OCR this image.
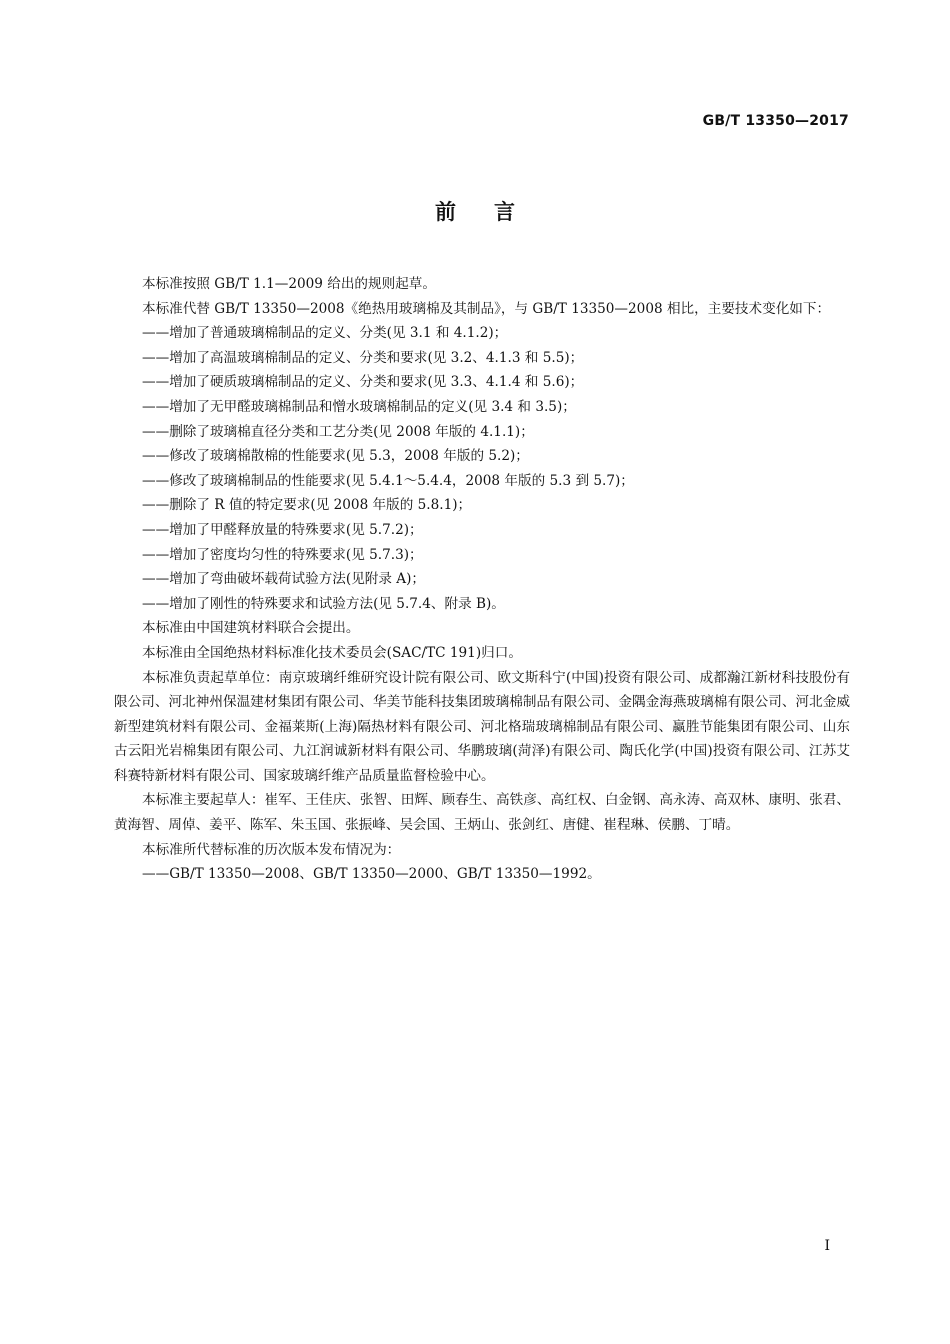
GB/T 13350—2017
前言

本标准按照 GB/T 1.1—2009 给出的规则起草。

本标准代替 GB/T 13350—2008《绝热用玻璃棉及其制品》，与 GB/T 13350—2008 相比，主要技术变化如下：

——增加了普通玻璃棉制品的定义、分类(见 3.1 和 4.1.2)；

——增加了高温玻璃棉制品的定义、分类和要求(见 3.2、4.1.3 和 5.5)；

——增加了硬质玻璃棉制品的定义、分类和要求(见 3.3、4.1.4 和 5.6)；

——增加了无甲醛玻璃棉制品和憎水玻璃棉制品的定义(见 3.4 和 3.5)；

——删除了玻璃棉直径分类和工艺分类(见 2008 年版的 4.1.1)；

——修改了玻璃棉散棉的性能要求(见 5.3，2008 年版的 5.2)；

——修改了玻璃棉制品的性能要求(见 5.4.1～5.4.4，2008 年版的 5.3 到 5.7)；

——删除了 R 值的特定要求(见 2008 年版的 5.8.1)；

——增加了甲醛释放量的特殊要求(见 5.7.2)；

——增加了密度均匀性的特殊要求(见 5.7.3)；

——增加了弯曲破坏载荷试验方法(见附录 A)；

——增加了刚性的特殊要求和试验方法(见 5.7.4、附录 B)。

本标准由中国建筑材料联合会提出。

本标准由全国绝热材料标准化技术委员会(SAC/TC 191)归口。

本标准负责起草单位：南京玻璃纤维研究设计院有限公司、欧文斯科宁(中国)投资有限公司、成都瀚江新材科技股份有限公司、河北神州保温建材集团有限公司、华美节能科技集团玻璃棉制品有限公司、金隅金海燕玻璃棉有限公司、河北金威新型建筑材料有限公司、金福莱斯(上海)隔热材料有限公司、河北格瑞玻璃棉制品有限公司、赢胜节能集团有限公司、山东古云阳光岩棉集团有限公司、九江润诚新材料有限公司、华鹏玻璃(菏泽)有限公司、陶氏化学(中国)投资有限公司、江苏艾科赛特新材料有限公司、国家玻璃纤维产品质量监督检验中心。

本标准主要起草人：崔军、王佳庆、张智、田辉、顾春生、高铁彦、高红权、白金钢、高永涛、高双林、康明、张君、黄海智、周倬、姜平、陈军、朱玉国、张振峰、吴会国、王炳山、张剑红、唐健、崔程琳、侯鹏、丁晴。

本标准所代替标准的历次版本发布情况为：

——GB/T 13350—2008、GB/T 13350—2000、GB/T 13350—1992。

I
